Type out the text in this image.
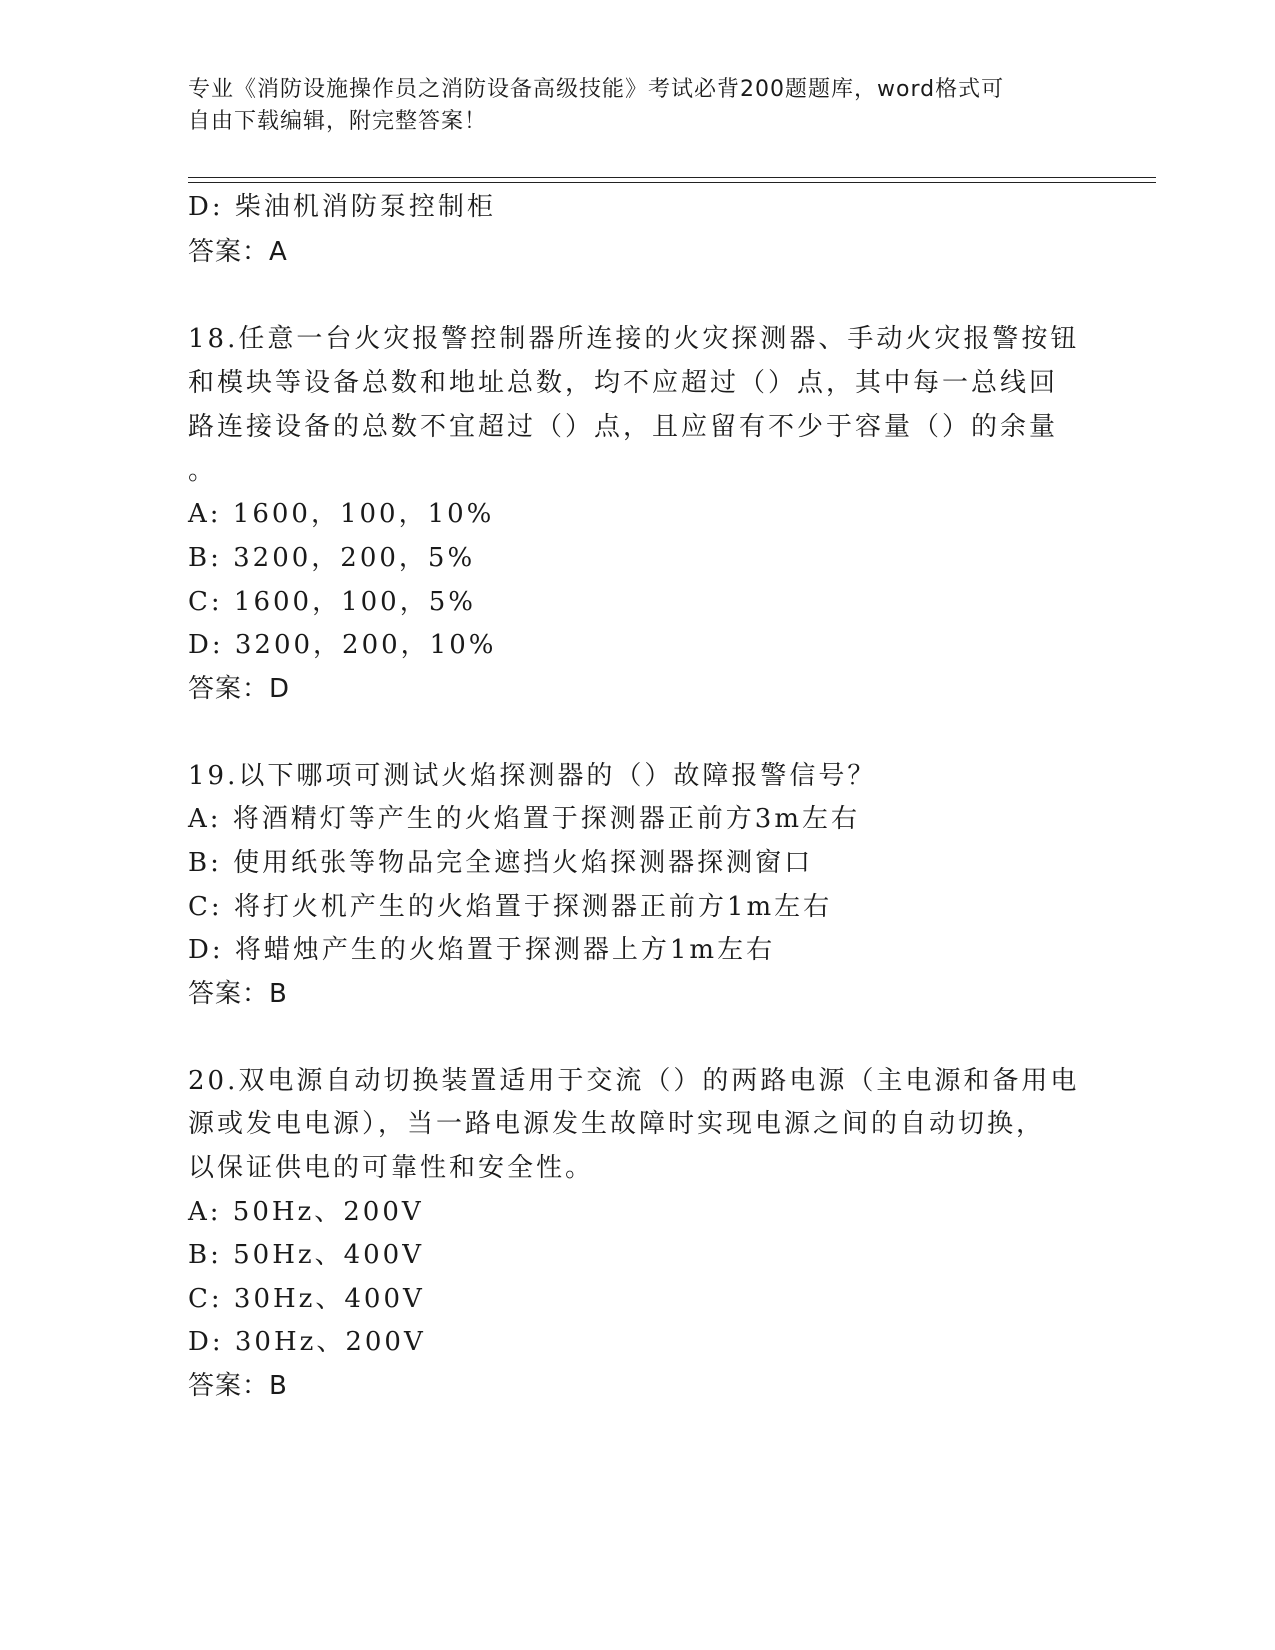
专业《消防设施操作员之消防设备高级技能》考试必背200题题库，word格式可
自由下载编辑，附完整答案！
D: 柴油机消防泵控制柜
答案：A
18.任意一台火灾报警控制器所连接的火灾探测器、手动火灾报警按钮
和模块等设备总数和地址总数，均不应超过（）点，其中每一总线回
路连接设备的总数不宜超过（）点，且应留有不少于容量（）的余量
。
A: 1600，100，10%
B: 3200，200，5%
C: 1600，100，5%
D: 3200，200，10%
答案：D
19.以下哪项可测试火焰探测器的（）故障报警信号？
A: 将酒精灯等产生的火焰置于探测器正前方3m左右
B: 使用纸张等物品完全遮挡火焰探测器探测窗口
C: 将打火机产生的火焰置于探测器正前方1m左右
D: 将蜡烛产生的火焰置于探测器上方1m左右
答案：B
20.双电源自动切换装置适用于交流（）的两路电源（主电源和备用电
源或发电电源），当一路电源发生故障时实现电源之间的自动切换，
以保证供电的可靠性和安全性。
A: 50Hz、200V
B: 50Hz、400V
C: 30Hz、400V
D: 30Hz、200V
答案：B
